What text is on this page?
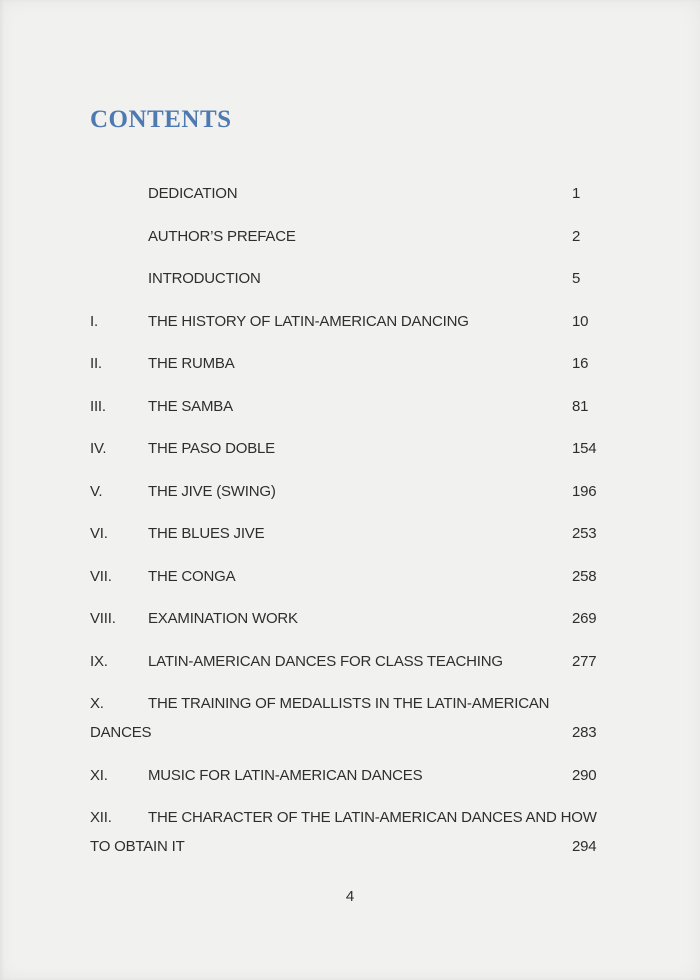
CONTENTS
DEDICATION	1
AUTHOR’S PREFACE	2
INTRODUCTION	5
I.	THE HISTORY OF LATIN-AMERICAN DANCING	10
II.	THE RUMBA	16
III.	THE SAMBA	81
IV.	THE PASO DOBLE	154
V.	THE JIVE (SWING)	196
VI.	THE BLUES JIVE	253
VII. THE CONGA	258
VIII. EXAMINATION WORK	269
IX.	LATIN-AMERICAN DANCES FOR CLASS TEACHING	277
X.	THE TRAINING OF MEDALLISTS IN THE LATIN-AMERICAN
DANCES	283
XI.	MUSIC FOR LATIN-AMERICAN DANCES	290
XII. THE CHARACTER OF THE LATIN-AMERICAN DANCES AND HOW
TO OBTAIN IT	294
4
